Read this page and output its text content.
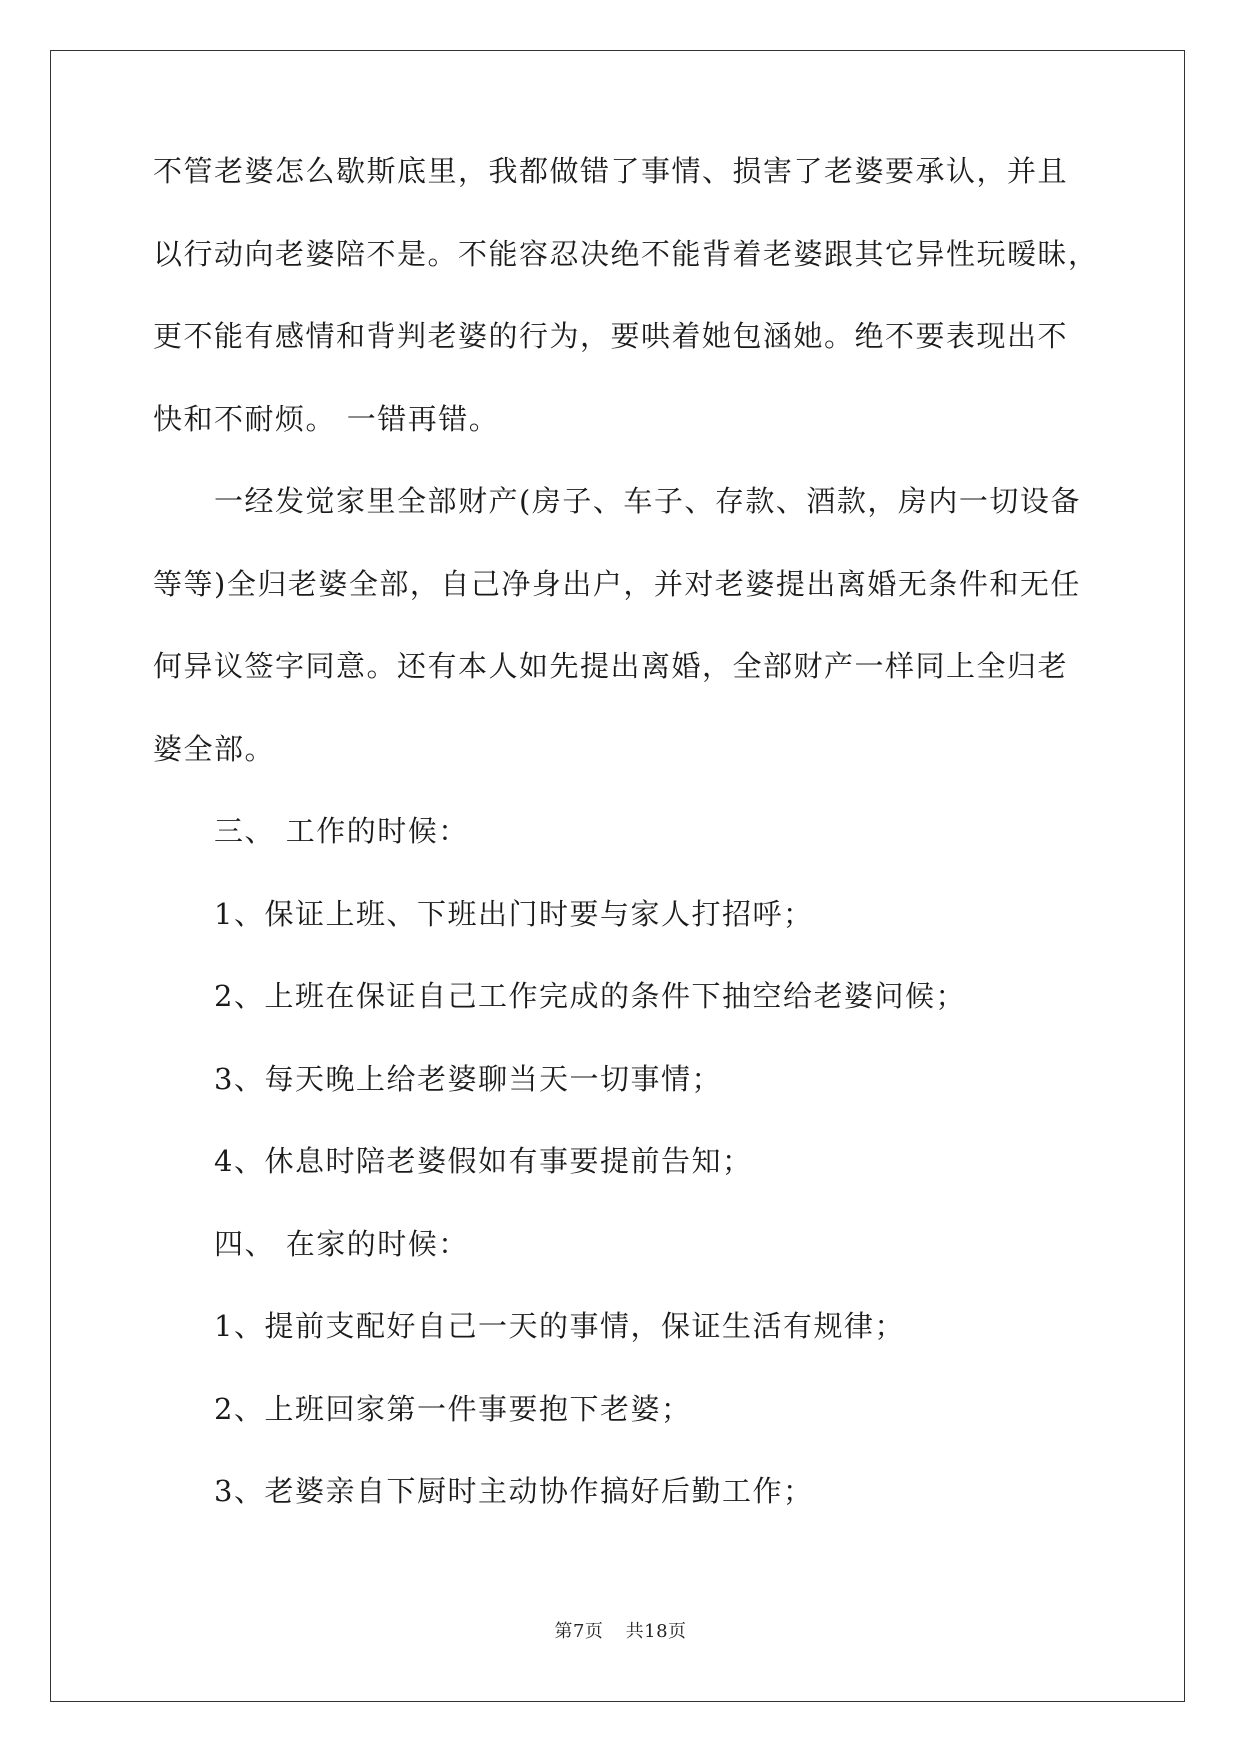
不管老婆怎么歇斯底里，我都做错了事情、损害了老婆要承认，并且
以行动向老婆陪不是。不能容忍决绝不能背着老婆跟其它异性玩暧昧，
更不能有感情和背判老婆的行为，要哄着她包涵她。绝不要表现出不
快和不耐烦。 一错再错。
一经发觉家里全部财产(房子、车子、存款、酒款，房内一切设备
等等)全归老婆全部，自己净身出户，并对老婆提出离婚无条件和无任
何异议签字同意。还有本人如先提出离婚，全部财产一样同上全归老
婆全部。
三、 工作的时候：
1、保证上班、下班出门时要与家人打招呼；
2、上班在保证自己工作完成的条件下抽空给老婆问候；
3、每天晚上给老婆聊当天一切事情；
4、休息时陪老婆假如有事要提前告知；
四、 在家的时候：
1、提前支配好自己一天的事情，保证生活有规律；
2、上班回家第一件事要抱下老婆；
3、老婆亲自下厨时主动协作搞好后勤工作；
第7页 共18页
